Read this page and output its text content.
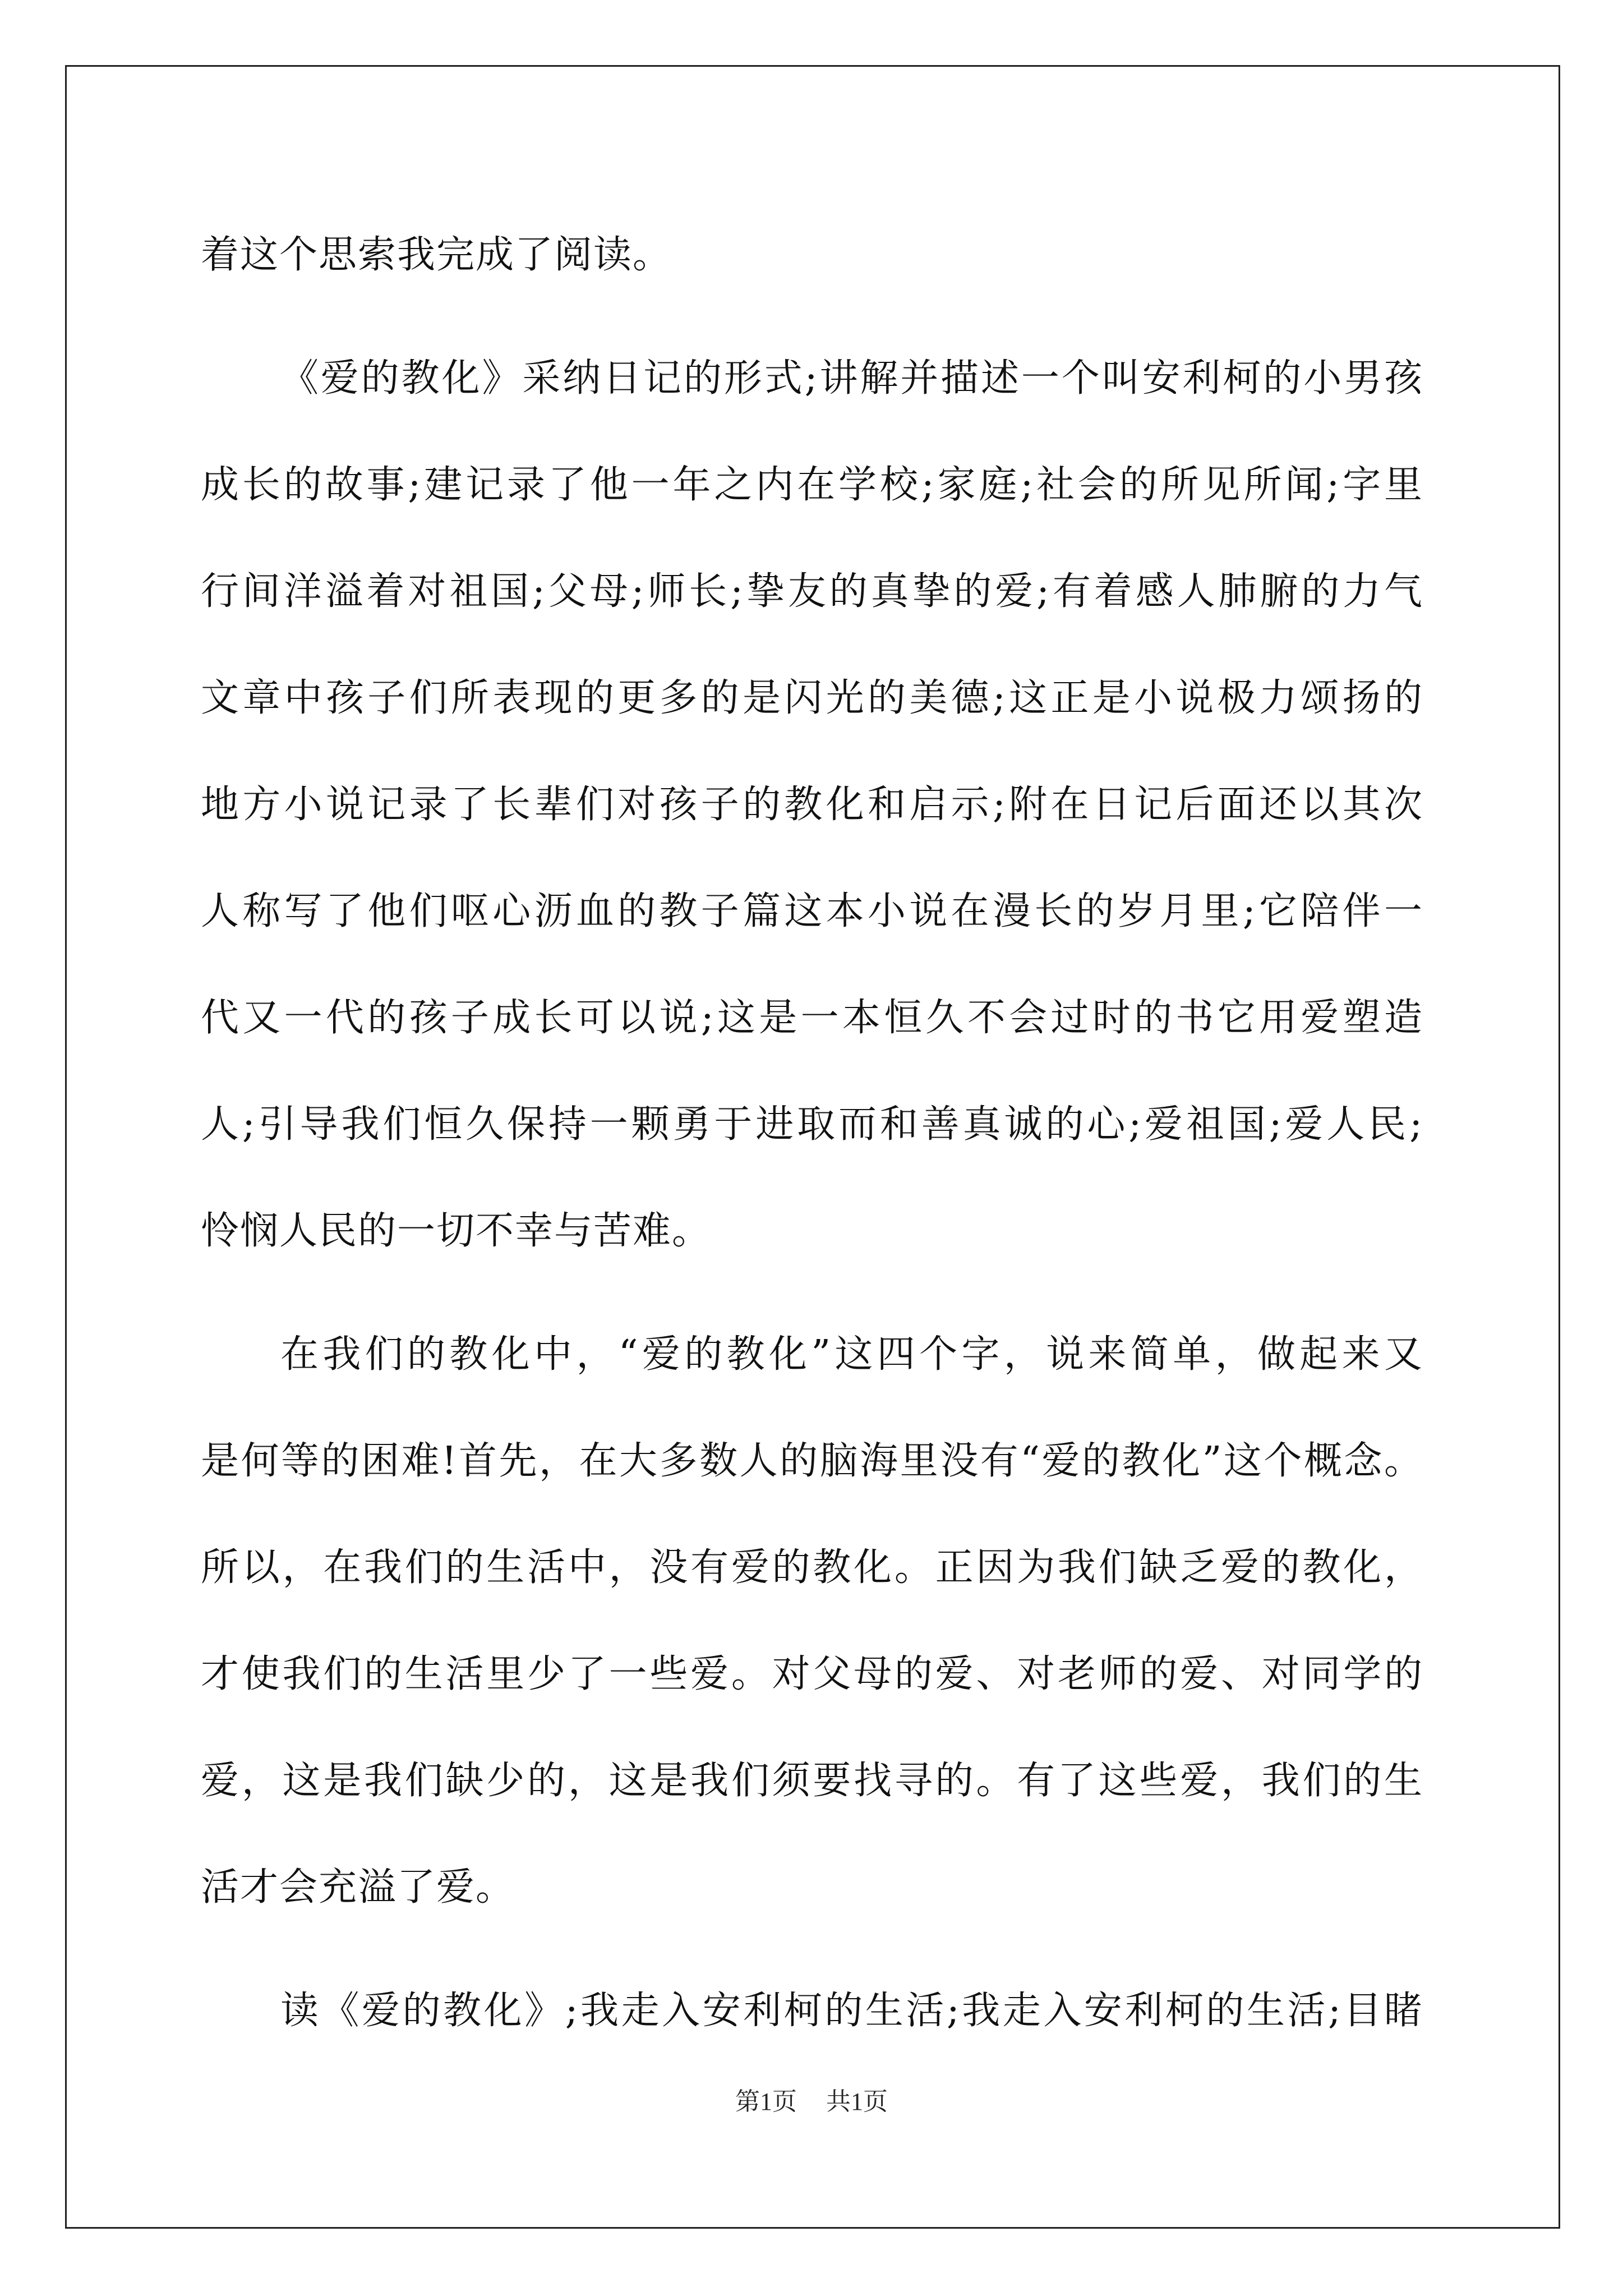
着这个思索我完成了阅读。
《爱的教化》采纳日记的形式;讲解并描述一个叫安利柯的小男孩
成长的故事;建记录了他一年之内在学校;家庭;社会的所见所闻;字里
行间洋溢着对祖国;父母;师长;挚友的真挚的爱;有着感人肺腑的力气
文章中孩子们所表现的更多的是闪光的美德;这正是小说极力颂扬的
地方小说记录了长辈们对孩子的教化和启示;附在日记后面还以其次
人称写了他们呕心沥血的教子篇这本小说在漫长的岁月里;它陪伴一
代又一代的孩子成长可以说;这是一本恒久不会过时的书它用爱塑造
人;引导我们恒久保持一颗勇于进取而和善真诚的心;爱祖国;爱人民;
怜悯人民的一切不幸与苦难。
在我们的教化中，“爱的教化”这四个字，说来简单，做起来又
是何等的困难!首先，在大多数人的脑海里没有“爱的教化”这个概念。
所以，在我们的生活中，没有爱的教化。正因为我们缺乏爱的教化，
才使我们的生活里少了一些爱。对父母的爱、对老师的爱、对同学的
爱，这是我们缺少的，这是我们须要找寻的。有了这些爱，我们的生
活才会充溢了爱。
读《爱的教化》;我走入安利柯的生活;我走入安利柯的生活;目睹
第1页 共1页
